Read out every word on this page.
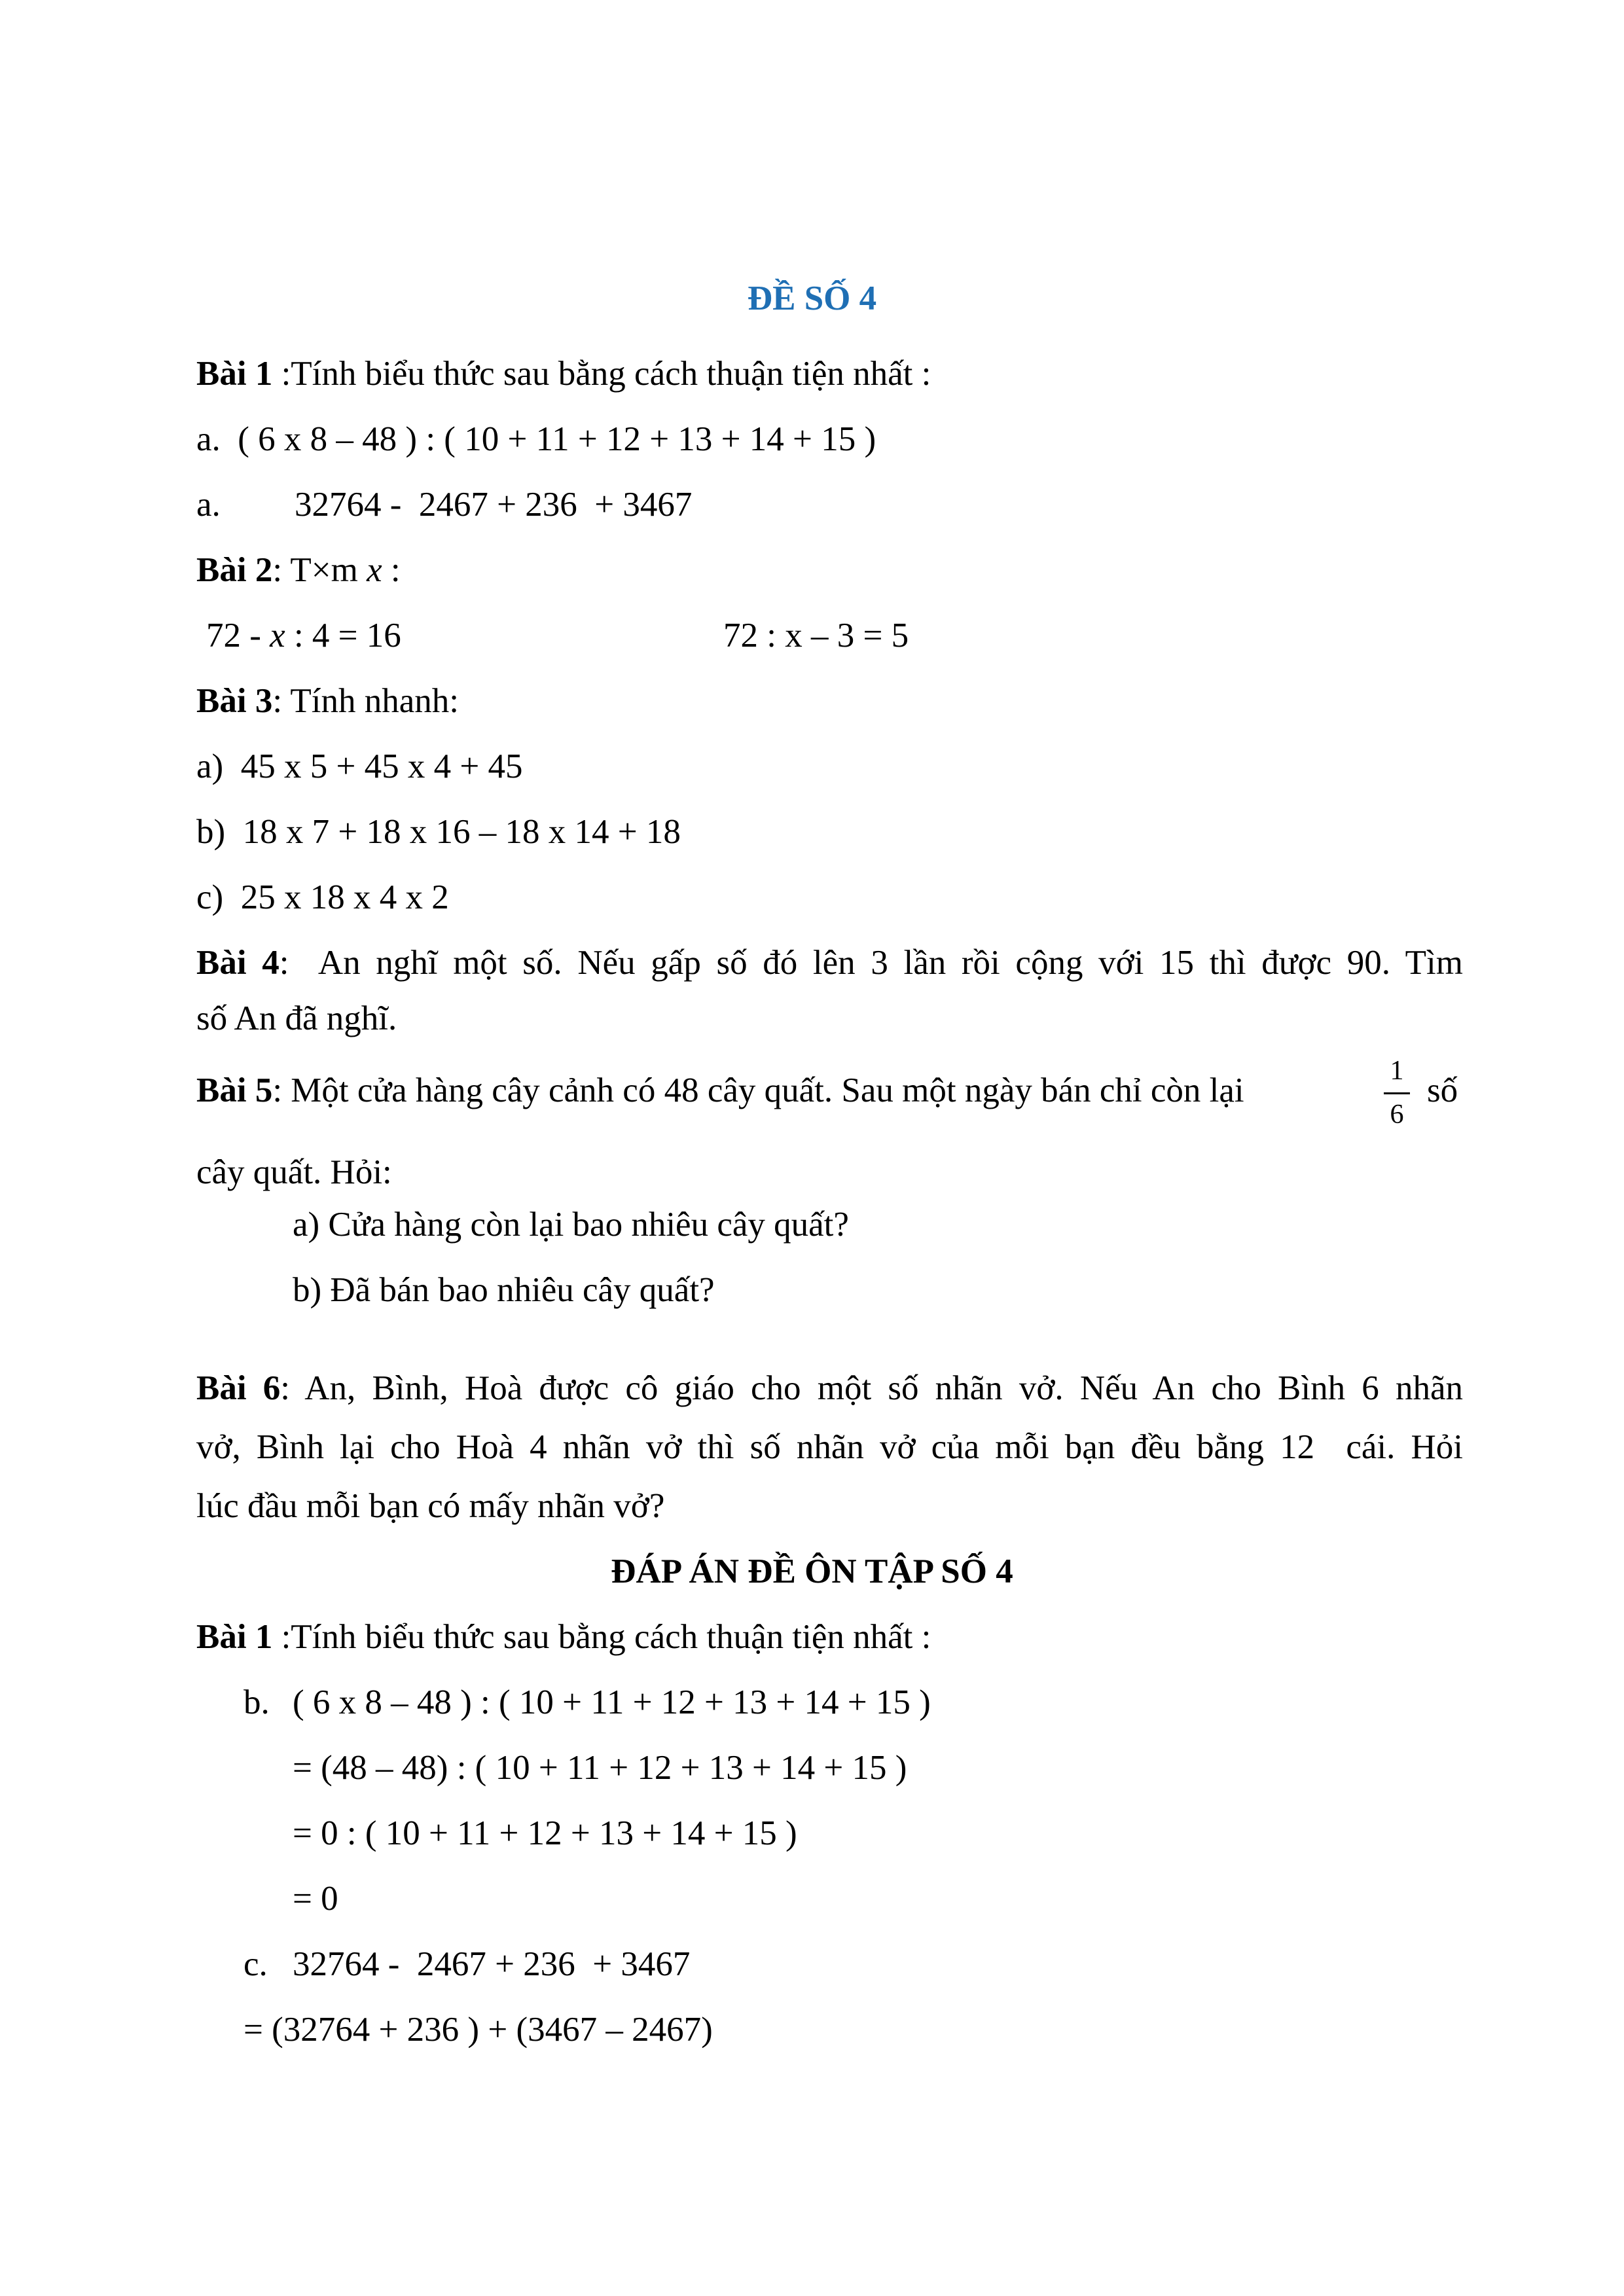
ĐỀ SỐ 4
Bài 1 :Tính biểu thức sau bằng cách thuận tiện nhất :
a. ( 6 x 8 – 48 ) : ( 10 + 11 + 12 + 13 + 14 + 15 )
a. 32764 -  2467 + 236  + 3467
Bài 2: T×m x :
72 - x : 4 = 16	72 : x – 3 = 5
Bài 3: Tính nhanh:
a) 45 x 5 + 45 x 4 + 45
b) 18 x 7 + 18 x 16 – 18 x 14 + 18
c) 25 x 18 x 4 x 2
Bài 4:  An nghĩ một số. Nếu gấp số đó lên 3 lần rồi cộng với 15 thì được 90. Tìm
số An đã nghĩ.
Bài 5: Một cửa hàng cây cảnh có 48 cây quất. Sau một ngày bán chỉ còn lại
1
6
số
cây quất. Hỏi:
a) Cửa hàng còn lại bao nhiêu cây quất?
b) Đã bán bao nhiêu cây quất?
Bài 6: An, Bình, Hoà được cô giáo cho một số nhãn vở. Nếu An cho Bình 6 nhãn
vở, Bình lại cho Hoà 4 nhãn vở thì số nhãn vở của mỗi bạn đều bằng 12  cái. Hỏi
lúc đầu mỗi bạn có mấy nhãn vở?
ĐÁP ÁN ĐỀ ÔN TẬP SỐ 4
Bài 1 :Tính biểu thức sau bằng cách thuận tiện nhất :
b. ( 6 x 8 – 48 ) : ( 10 + 11 + 12 + 13 + 14 + 15 )
= (48 – 48) : ( 10 + 11 + 12 + 13 + 14 + 15 )
= 0 : ( 10 + 11 + 12 + 13 + 14 + 15 )
= 0
c. 32764 -  2467 + 236  + 3467
= (32764 + 236 ) + (3467 – 2467)
